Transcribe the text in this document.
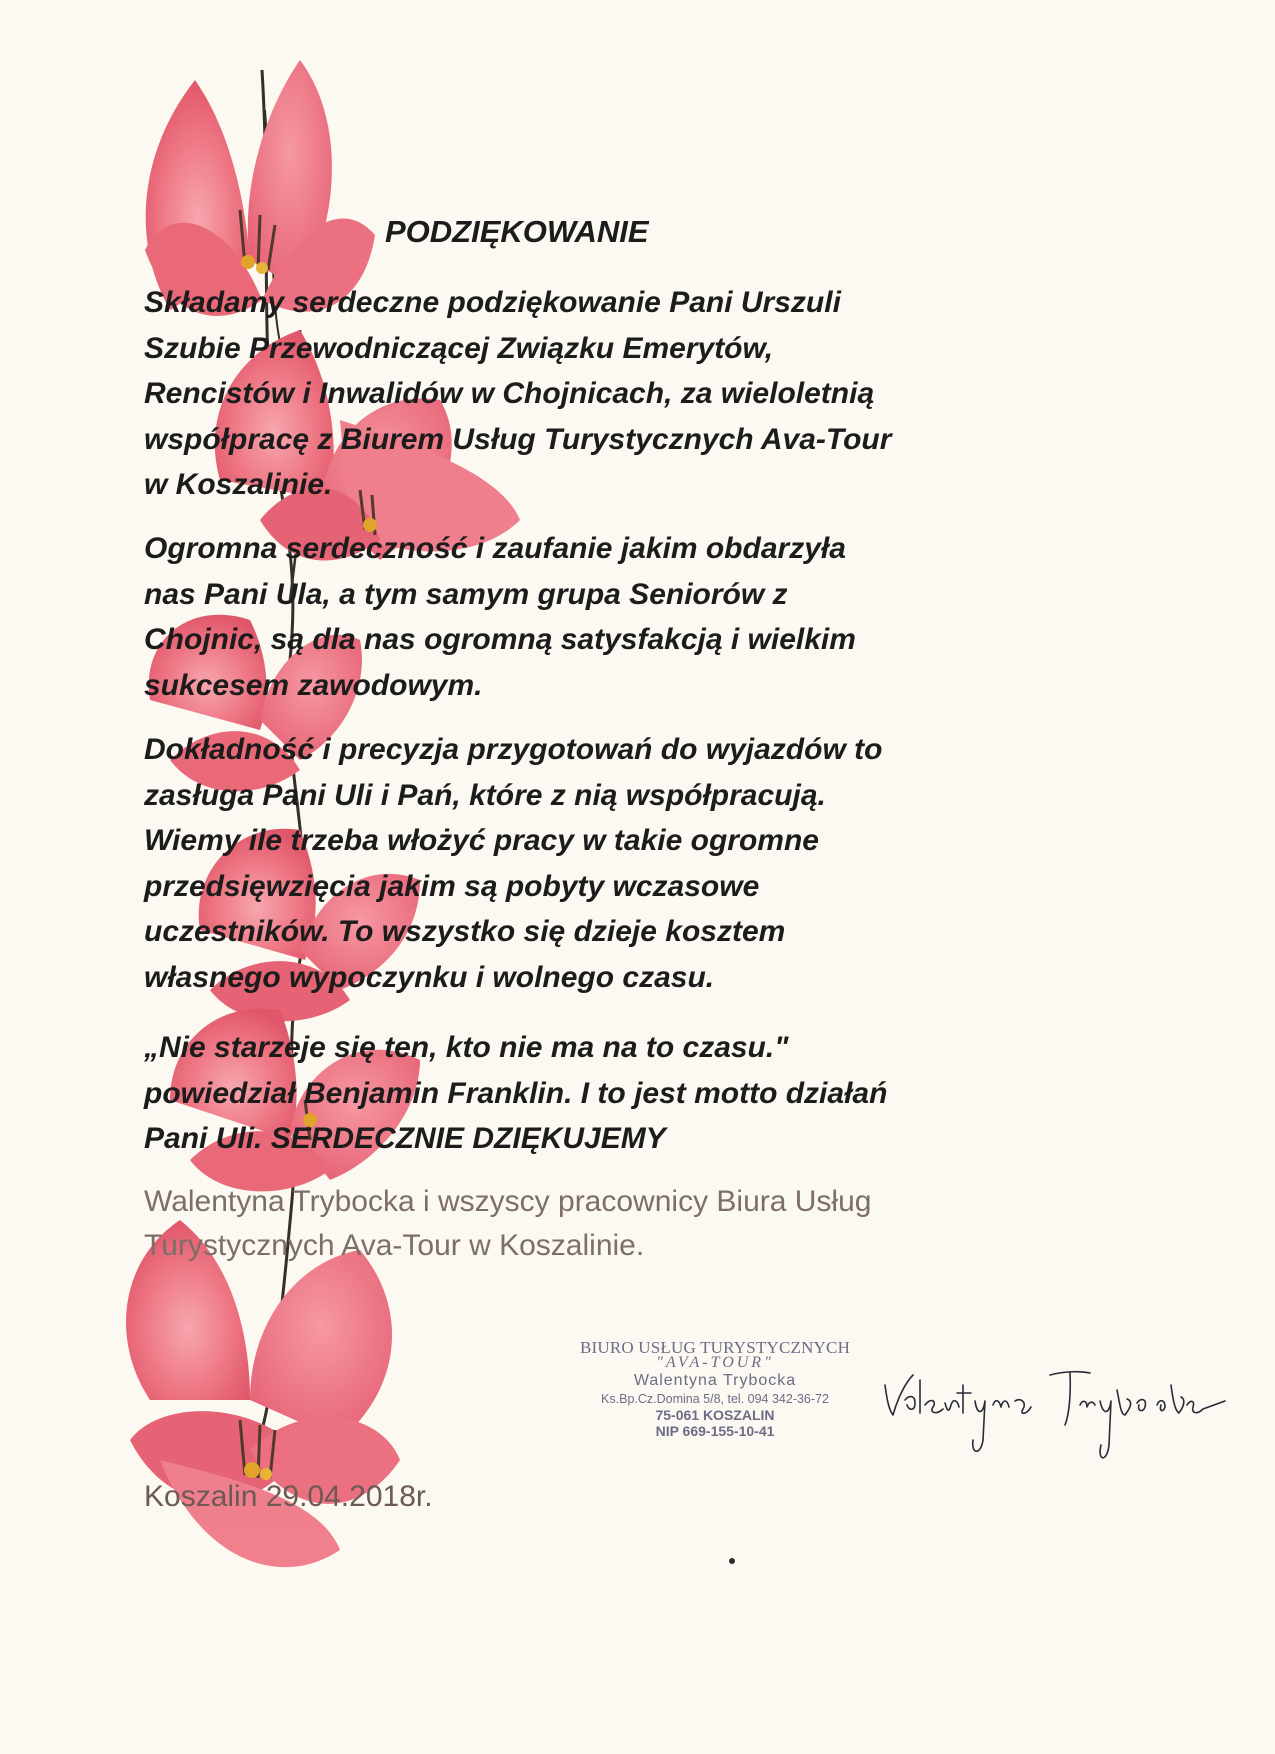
PODZIĘKOWANIE

Składamy serdeczne podziękowanie Pani Urszuli
Szubie Przewodniczącej Związku Emerytów,
Rencistów i Inwalidów w Chojnicach, za wieloletnią
współpracę z Biurem Usług Turystycznych Ava-Tour
w Koszalinie.

Ogromna serdeczność i zaufanie jakim obdarzyła
nas Pani Ula, a tym samym grupa Seniorów z
Chojnic, są dla nas ogromną satysfakcją i wielkim
sukcesem zawodowym.

Dokładność i precyzja przygotowań do wyjazdów to
zasługa Pani Uli i Pań, które z nią współpracują.
Wiemy ile trzeba włożyć pracy w takie ogromne
przedsięwzięcia jakim są pobyty wczasowe
uczestników. To wszystko się dzieje kosztem
własnego wypoczynku i wolnego czasu.

„Nie starzeje się ten, kto nie ma na to czasu."
powiedział Benjamin Franklin. I to jest motto działań
Pani Uli. SERDECZNIE DZIĘKUJEMY

Walentyna Trybocka i wszyscy pracownicy Biura Usług
Turystycznych Ava-Tour w Koszalinie.
BIURO USŁUG TURYSTYCZNYCH
"AVA-TOUR"
Walentyna Trybocka
Ks.Bp.Cz.Domina 5/8, tel. 094 342-36-72
75-061 KOSZALIN
NIP 669-155-10-41
Koszalin 29.04.2018r.
